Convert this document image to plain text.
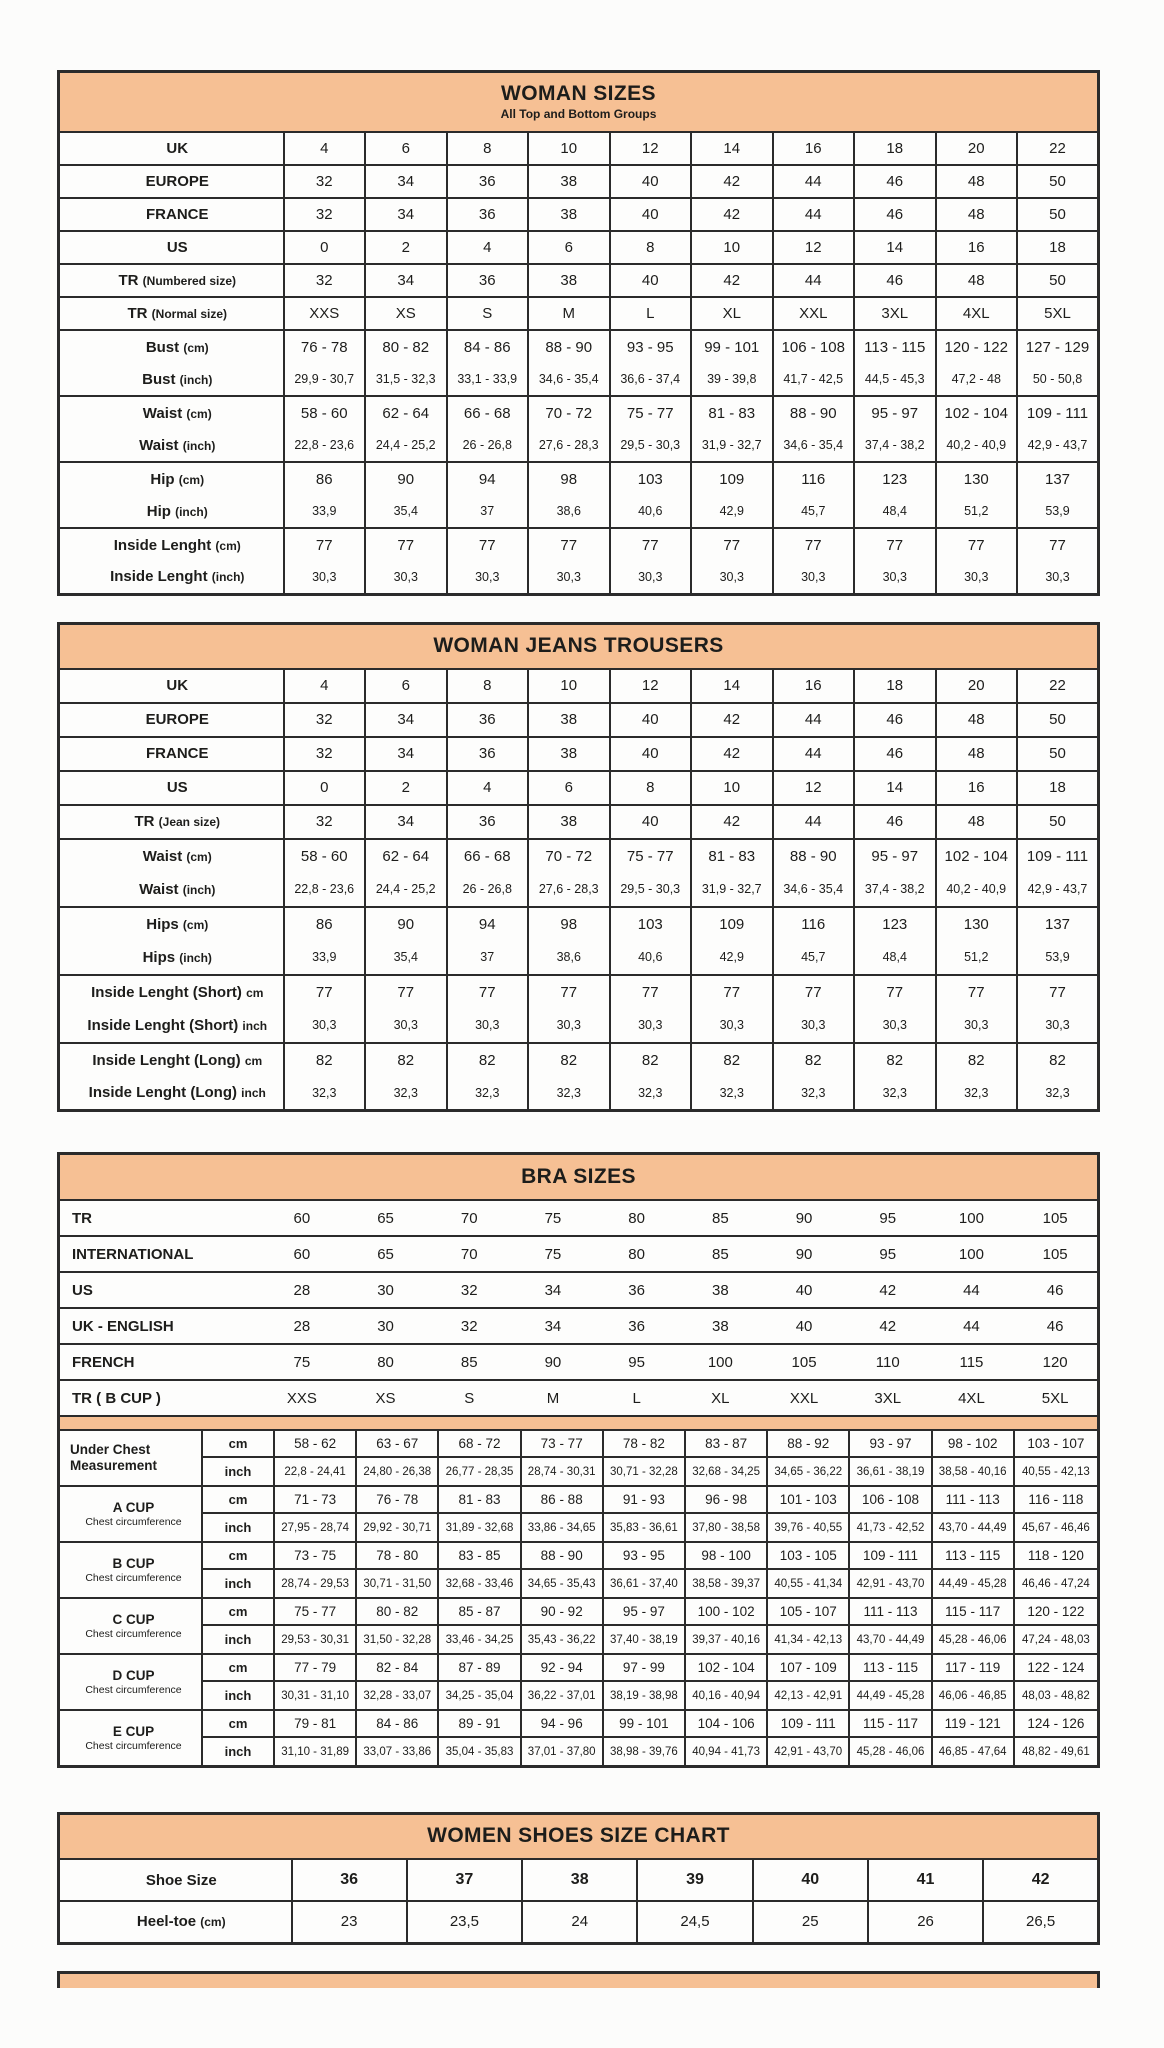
WOMAN SIZES
All Top and Bottom Groups										

UK	4	6	8	10	12	14	16	18	20	22
EUROPE	32	34	36	38	40	42	44	46	48	50
FRANCE	32	34	36	38	40	42	44	46	48	50
US	0	2	4	6	8	10	12	14	16	18
TR (Numbered size)	32	34	36	38	40	42	44	46	48	50
TR (Normal size)	XXS	XS	S	M	L	XL	XXL	3XL	4XL	5XL
Bust (cm)	76 - 78	80 - 82	84 - 86	88 - 90	93 - 95	99 - 101	106 - 108	113 - 115	120 - 122	127 - 129
Bust (inch)	29,9 - 30,7	31,5 - 32,3	33,1 - 33,9	34,6 - 35,4	36,6 - 37,4	39 - 39,8	41,7 - 42,5	44,5 - 45,3	47,2 - 48	50 - 50,8
Waist (cm)	58 - 60	62 - 64	66 - 68	70 - 72	75 - 77	81 - 83	88 - 90	95 - 97	102 - 104	109 - 111
Waist (inch)	22,8 - 23,6	24,4 - 25,2	26 - 26,8	27,6 - 28,3	29,5 - 30,3	31,9 - 32,7	34,6 - 35,4	37,4 - 38,2	40,2 - 40,9	42,9 - 43,7
Hip (cm)	86	90	94	98	103	109	116	123	130	137
Hip (inch)	33,9	35,4	37	38,6	40,6	42,9	45,7	48,4	51,2	53,9
Inside Lenght (cm)	77	77	77	77	77	77	77	77	77	77
Inside Lenght (inch)	30,3	30,3	30,3	30,3	30,3	30,3	30,3	30,3	30,3	30,3
WOMAN JEANS TROUSERS										

UK	4	6	8	10	12	14	16	18	20	22
EUROPE	32	34	36	38	40	42	44	46	48	50
FRANCE	32	34	36	38	40	42	44	46	48	50
US	0	2	4	6	8	10	12	14	16	18
TR (Jean size)	32	34	36	38	40	42	44	46	48	50
Waist (cm)	58 - 60	62 - 64	66 - 68	70 - 72	75 - 77	81 - 83	88 - 90	95 - 97	102 - 104	109 - 111
Waist (inch)	22,8 - 23,6	24,4 - 25,2	26 - 26,8	27,6 - 28,3	29,5 - 30,3	31,9 - 32,7	34,6 - 35,4	37,4 - 38,2	40,2 - 40,9	42,9 - 43,7
Hips (cm)	86	90	94	98	103	109	116	123	130	137
Hips (inch)	33,9	35,4	37	38,6	40,6	42,9	45,7	48,4	51,2	53,9
Inside Lenght (Short) cm	77	77	77	77	77	77	77	77	77	77
Inside Lenght (Short) inch	30,3	30,3	30,3	30,3	30,3	30,3	30,3	30,3	30,3	30,3
Inside Lenght (Long) cm	82	82	82	82	82	82	82	82	82	82
Inside Lenght (Long) inch	32,3	32,3	32,3	32,3	32,3	32,3	32,3	32,3	32,3	32,3
BRA SIZES
TR	60	65	70	75	80	85	90	95	100	105
INTERNATIONAL	60	65	70	75	80	85	90	95	100	105
US	28	30	32	34	36	38	40	42	44	46
UK - ENGLISH	28	30	32	34	36	38	40	42	44	46
FRENCH	75	80	85	90	95	100	105	110	115	120
TR ( B CUP )	XXS	XS	S	M	L	XL	XXL	3XL	4XL	5XL
Under Chest Measurement
cm	58 - 62	63 - 67	68 - 72	73 - 77	78 - 82	83 - 87	88 - 92	93 - 97	98 - 102	103 - 107
inch	22,8 - 24,41	24,80 - 26,38	26,77 - 28,35	28,74 - 30,31	30,71 - 32,28	32,68 - 34,25	34,65 - 36,22	36,61 - 38,19	38,58 - 40,16	40,55 - 42,13
A CUP
Chest circumference
cm	71 - 73	76 - 78	81 - 83	86 - 88	91 - 93	96 - 98	101 - 103	106 - 108	111 - 113	116 - 118
inch	27,95 - 28,74	29,92 - 30,71	31,89 - 32,68	33,86 - 34,65	35,83 - 36,61	37,80 - 38,58	39,76 - 40,55	41,73 - 42,52	43,70 - 44,49	45,67 - 46,46
B CUP
Chest circumference
cm	73 - 75	78 - 80	83 - 85	88 - 90	93 - 95	98 - 100	103 - 105	109 - 111	113 - 115	118 - 120
inch	28,74 - 29,53	30,71 - 31,50	32,68 - 33,46	34,65 - 35,43	36,61 - 37,40	38,58 - 39,37	40,55 - 41,34	42,91 - 43,70	44,49 - 45,28	46,46 - 47,24
C CUP
Chest circumference
cm	75 - 77	80 - 82	85 - 87	90 - 92	95 - 97	100 - 102	105 - 107	111 - 113	115 - 117	120 - 122
inch	29,53 - 30,31	31,50 - 32,28	33,46 - 34,25	35,43 - 36,22	37,40 - 38,19	39,37 - 40,16	41,34 - 42,13	43,70 - 44,49	45,28 - 46,06	47,24 - 48,03
D CUP
Chest circumference
cm	77 - 79	82 - 84	87 - 89	92 - 94	97 - 99	102 - 104	107 - 109	113 - 115	117 - 119	122 - 124
inch	30,31 - 31,10	32,28 - 33,07	34,25 - 35,04	36,22 - 37,01	38,19 - 38,98	40,16 - 40,94	42,13 - 42,91	44,49 - 45,28	46,06 - 46,85	48,03 - 48,82
E CUP
Chest circumference
cm	79 - 81	84 - 86	89 - 91	94 - 96	99 - 101	104 - 106	109 - 111	115 - 117	119 - 121	124 - 126
inch	31,10 - 31,89	33,07 - 33,86	35,04 - 35,83	37,01 - 37,80	38,98 - 39,76	40,94 - 41,73	42,91 - 43,70	45,28 - 46,06	46,85 - 47,64	48,82 - 49,61
WOMEN SHOES SIZE CHART							

Shoe Size	36	37	38	39	40	41	42
Heel-toe (cm)	23	23,5	24	24,5	25	26	26,5
